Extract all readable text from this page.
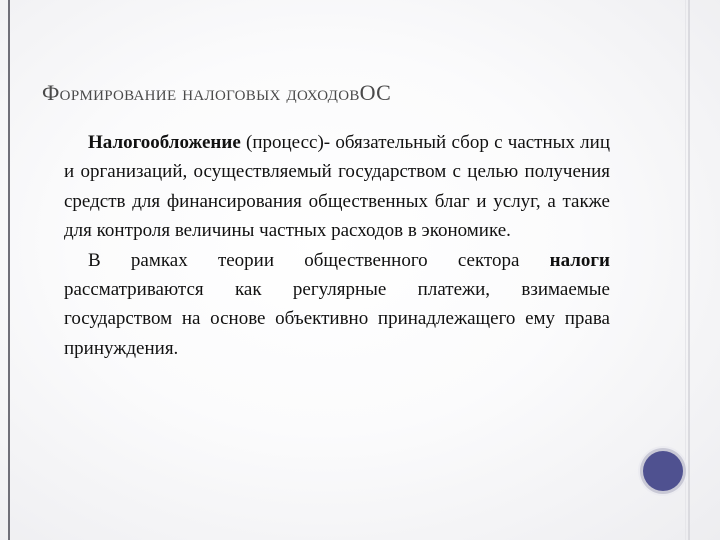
Формирование налоговых доходовОС

Налогообложение (процесс)- обязательный сбор с частных лиц и организаций, осуществляемый государством с целью получения средств для финансирования общественных благ и услуг, а также для контроля величины частных расходов в экономике.

В рамках теории общественного сектора налоги рассматриваются как регулярные платежи, взимаемые государством на основе объективно принадлежащего ему права принуждения.
